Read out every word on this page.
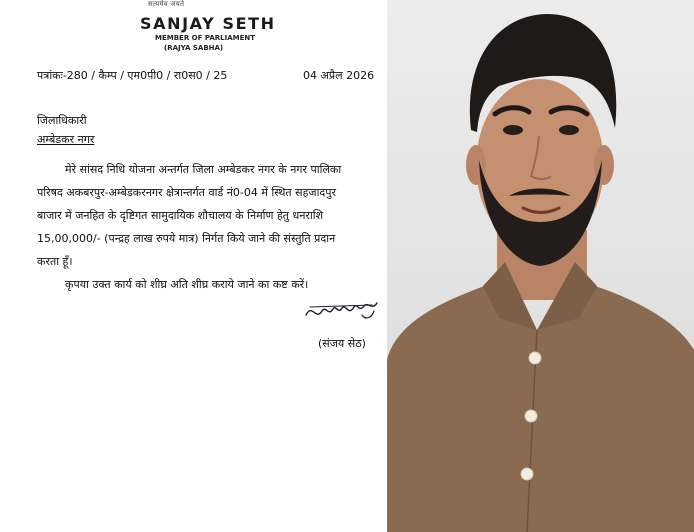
सत्यमेव जयते
SANJAY SETH
MEMBER OF PARLIAMENT
(RAJYA SABHA)
पत्रांकः-280 / कैम्प / एम0पी0 / रा0स0 / 25	04 अप्रैल 2026
जिलाधिकारी
अम्बेडकर नगर
मेरे सांसद निधि योजना अन्तर्गत जिला अम्बेडकर नगर के नगर पालिका
परिषद अकबरपुर-अम्बेडकरनगर क्षेत्रान्तर्गत वार्ड नं0-04 में स्थित सहजादपुर
बाजार में जनहित के दृष्टिगत सामुदायिक शौचालय के निर्माण हेतु धनराशि
15,00,000/- (पन्द्रह लाख रुपये मात्र) निर्गत किये जाने की संस्तुति प्रदान
करता हूँ।
कृपया उक्त कार्य को शीघ्र अति शीघ्र कराये जाने का कष्ट करें।
(संजय सेठ)
